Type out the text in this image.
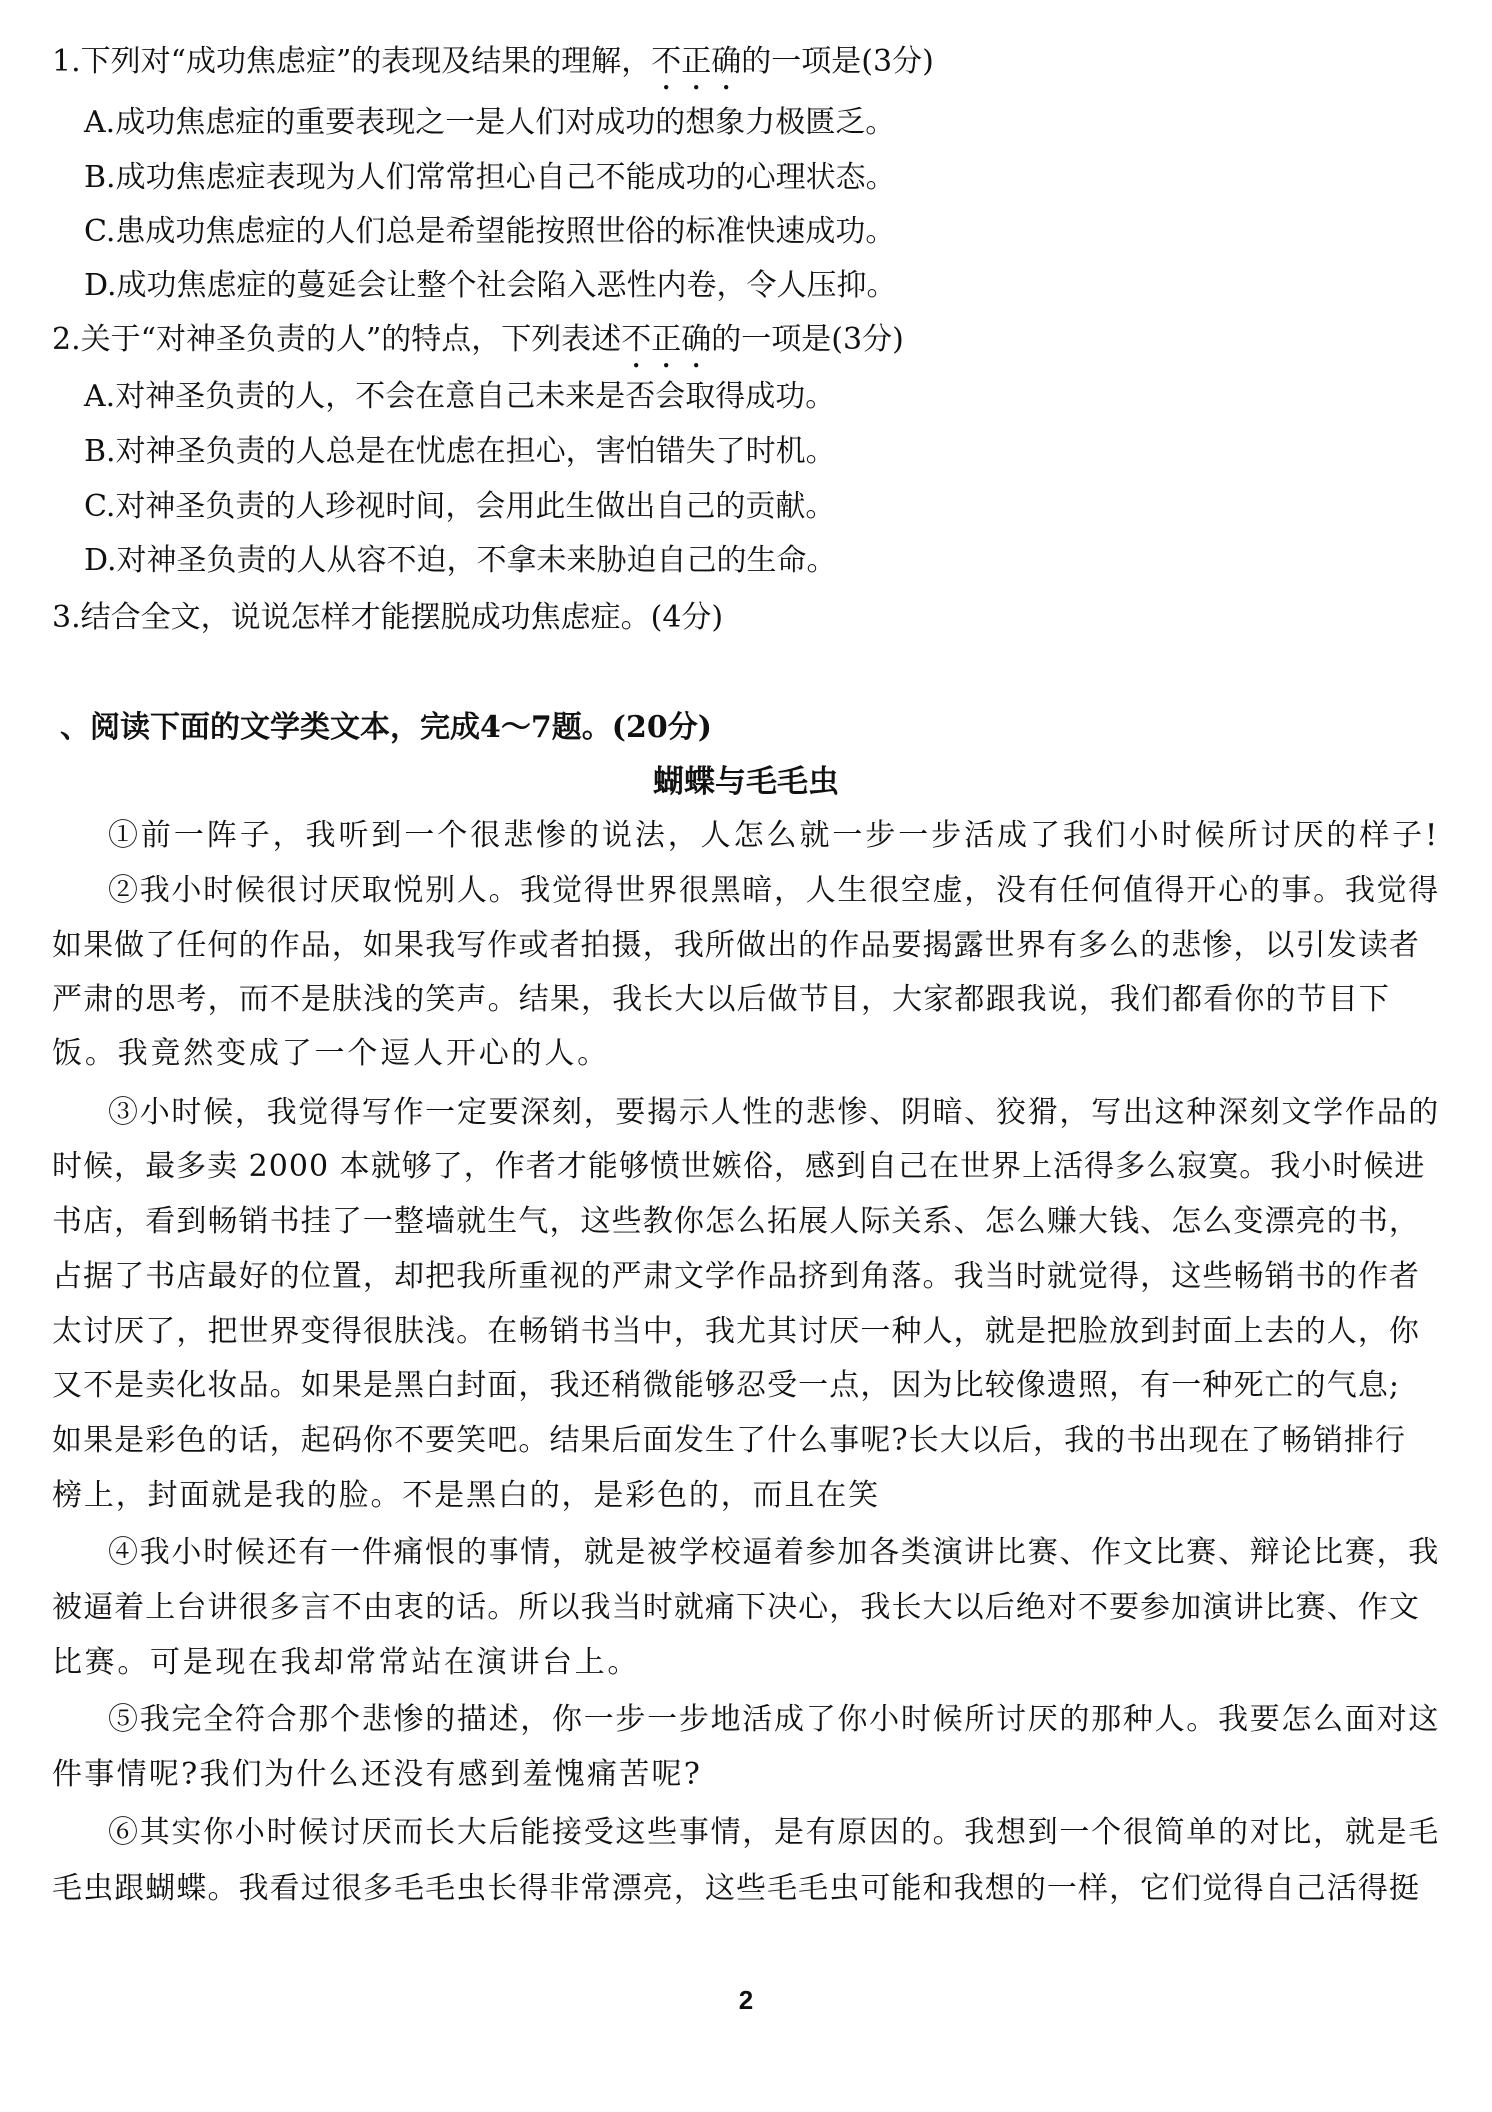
1.下列对“成功焦虑症”的表现及结果的理解，不正确的一项是(3分)
A.成功焦虑症的重要表现之一是人们对成功的想象力极匮乏。
B.成功焦虑症表现为人们常常担心自己不能成功的心理状态。
C.患成功焦虑症的人们总是希望能按照世俗的标准快速成功。
D.成功焦虑症的蔓延会让整个社会陷入恶性内卷，令人压抑。
2.关于“对神圣负责的人”的特点，下列表述不正确的一项是(3分)
A.对神圣负责的人，不会在意自己未来是否会取得成功。
B.对神圣负责的人总是在忧虑在担心，害怕错失了时机。
C.对神圣负责的人珍视时间，会用此生做出自己的贡献。
D.对神圣负责的人从容不迫，不拿未来胁迫自己的生命。
3.结合全文，说说怎样才能摆脱成功焦虑症。(4分)
、阅读下面的文学类文本，完成4～7题。(20分)
蝴蝶与毛毛虫
①前一阵子，我听到一个很悲惨的说法，人怎么就一步一步活成了我们小时候所讨厌的样子!
②我小时候很讨厌取悦别人。我觉得世界很黑暗，人生很空虚，没有任何值得开心的事。我觉得
如果做了任何的作品，如果我写作或者拍摄，我所做出的作品要揭露世界有多么的悲惨，以引发读者
严肃的思考，而不是肤浅的笑声。结果，我长大以后做节目，大家都跟我说，我们都看你的节目下
饭。我竟然变成了一个逗人开心的人。
③小时候，我觉得写作一定要深刻，要揭示人性的悲惨、阴暗、狡猾，写出这种深刻文学作品的
时候，最多卖 2000 本就够了，作者才能够愤世嫉俗，感到自己在世界上活得多么寂寞。我小时候进
书店，看到畅销书挂了一整墙就生气，这些教你怎么拓展人际关系、怎么赚大钱、怎么变漂亮的书，
占据了书店最好的位置，却把我所重视的严肃文学作品挤到角落。我当时就觉得，这些畅销书的作者
太讨厌了，把世界变得很肤浅。在畅销书当中，我尤其讨厌一种人，就是把脸放到封面上去的人，你
又不是卖化妆品。如果是黑白封面，我还稍微能够忍受一点，因为比较像遗照，有一种死亡的气息;
如果是彩色的话，起码你不要笑吧。结果后面发生了什么事呢?长大以后，我的书出现在了畅销排行
榜上，封面就是我的脸。不是黑白的，是彩色的，而且在笑
④我小时候还有一件痛恨的事情，就是被学校逼着参加各类演讲比赛、作文比赛、辩论比赛，我
被逼着上台讲很多言不由衷的话。所以我当时就痛下决心，我长大以后绝对不要参加演讲比赛、作文
比赛。可是现在我却常常站在演讲台上。
⑤我完全符合那个悲惨的描述，你一步一步地活成了你小时候所讨厌的那种人。我要怎么面对这
件事情呢?我们为什么还没有感到羞愧痛苦呢?
⑥其实你小时候讨厌而长大后能接受这些事情，是有原因的。我想到一个很简单的对比，就是毛
毛虫跟蝴蝶。我看过很多毛毛虫长得非常漂亮，这些毛毛虫可能和我想的一样，它们觉得自己活得挺
2
